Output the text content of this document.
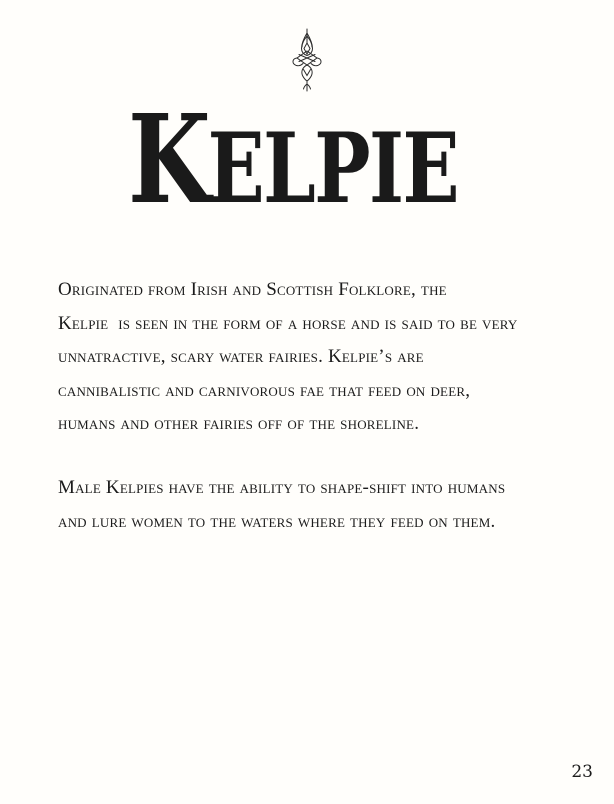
K
ELPIE
Originated from Irish and Scottish Folklore, the
Kelpie  is seen in the form of a horse and is said to be very
unnatractive, scary water fairies. Kelpie’s are
cannibalistic and carnivorous fae that feed on deer,
humans and other fairies off of the shoreline.
Male Kelpies have the ability to shape-shift into humans
and lure women to the waters where they feed on them.
23
